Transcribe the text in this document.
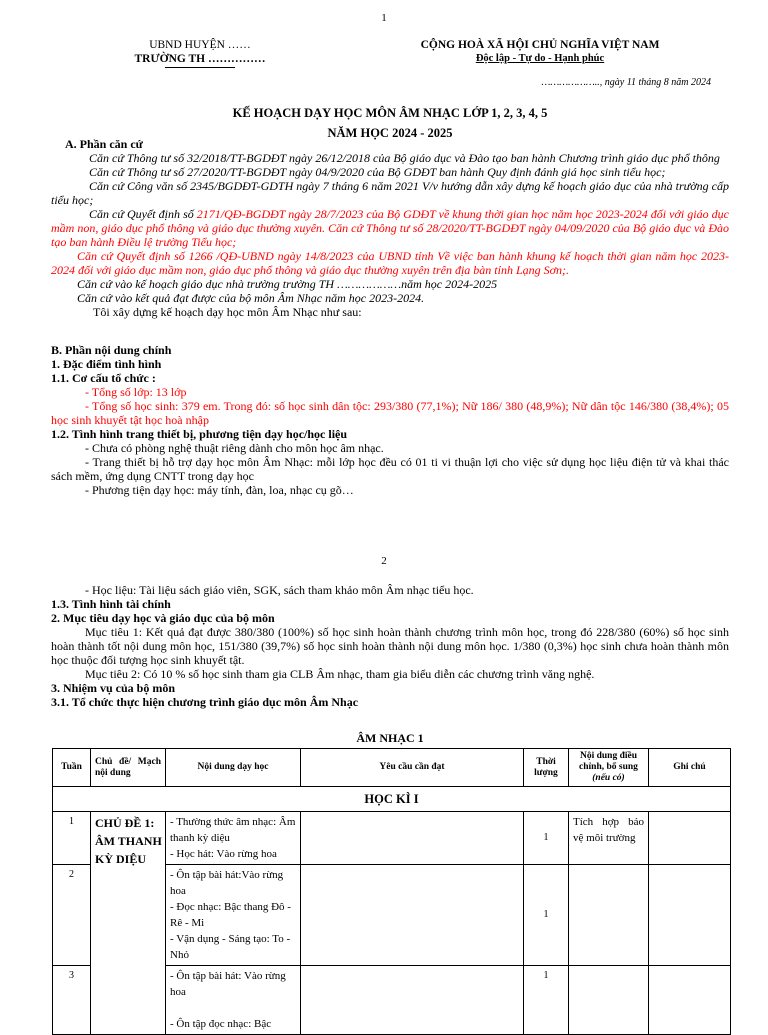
1
UBND HUYỆN ……
TRƯỜNG TH ……………
CỘNG HOÀ XÃ HỘI CHỦ NGHĨA VIỆT NAM
Độc lập - Tự do - Hạnh phúc
……………….., ngày 11 tháng 8 năm 2024
KẾ HOẠCH DẠY HỌC MÔN ÂM NHẠC LỚP 1, 2, 3, 4, 5
NĂM HỌC 2024 - 2025
A. Phần căn cứ
Căn cứ Thông tư số 32/2018/TT-BGDĐT ngày 26/12/2018 của Bộ giáo dục và Đào tạo ban hành Chương trình giáo dục phổ thông
Căn cứ Thông tư số 27/2020/TT-BGDĐT ngày 04/9/2020 của Bộ GDĐT ban hành Quy định đánh giá học sinh tiểu học;
Căn cứ Công văn số 2345/BGDĐT-GDTH ngày 7 tháng 6 năm 2021 V/v hướng dẫn xây dựng kế hoạch giáo dục của nhà trường cấp tiểu học;
Căn cứ Quyết định số 2171/QĐ-BGDĐT ngày 28/7/2023 của Bộ GDĐT về khung thời gian học năm học 2023-2024 đối với giáo dục mầm non, giáo dục phổ thông và giáo dục thường xuyên. Căn cứ Thông tư số 28/2020/TT-BGDĐT ngày 04/09/2020 của Bộ giáo dục và Đào tạo ban hành Điều lệ trường Tiểu học;
Căn cứ Quyết định số 1266 /QĐ-UBND ngày 14/8/2023 của UBND tỉnh Về việc ban hành khung kế hoạch thời gian năm học 2023- 2024 đối với giáo dục mầm non, giáo dục phổ thông và giáo dục thường xuyên trên địa bàn tỉnh Lạng Sơn;.
Căn cứ vào kế hoạch giáo dục nhà trường trường TH ………………năm học 2024-2025
Căn cứ vào kết quả đạt được của bộ môn Âm Nhạc năm học 2023-2024.
Tôi xây dựng kế hoạch dạy học môn Âm Nhạc như sau:
B. Phần nội dung chính
1. Đặc điểm tình hình
1.1. Cơ cấu tổ chức :
- Tổng số lớp: 13 lớp
- Tổng số học sinh: 379 em. Trong đó: số học sinh dân tộc: 293/380 (77,1%); Nữ 186/ 380 (48,9%); Nữ dân tộc 146/380 (38,4%); 05 học sinh khuyết tật học hoà nhập
1.2. Tình hình trang thiết bị, phương tiện dạy học/học liệu
- Chưa có phòng nghệ thuật riêng dành cho môn học âm nhạc.
- Trang thiết bị hỗ trợ dạy học môn Âm Nhạc: mỗi lớp học đều có 01 ti vi thuận lợi cho việc sử dụng học liệu điện tử và khai thác sách mềm, ứng dụng CNTT trong dạy học
- Phương tiện dạy học: máy tính, đàn, loa, nhạc cụ gõ…
2
- Học liệu: Tài liệu sách giáo viên, SGK, sách tham khảo môn Âm nhạc tiểu học.
1.3. Tình hình tài chính
2. Mục tiêu dạy học và giáo dục của bộ môn
Mục tiêu 1: Kết quả đạt được 380/380 (100%) số học sinh hoàn thành chương trình môn học, trong đó 228/380 (60%) số học sinh hoàn thành tốt nội dung môn học, 151/380 (39,7%) số học sinh hoàn thành nội dung môn học. 1/380 (0,3%) học sinh chưa hoàn thành môn học thuộc đối tượng học sinh khuyết tật.
Mục tiêu 2: Có 10 % số học sinh tham gia CLB Âm nhạc, tham gia biểu diễn các chương trình văng nghệ.
3. Nhiệm vụ của bộ môn
3.1. Tổ chức thực hiện chương trình giáo dục môn Âm Nhạc
ÂM NHẠC 1
Tuần	Chủ đề/ Mạch nội dung	Nội dung dạy học	Yêu cầu cần đạt	Thời lượng	Nội dung điều chỉnh, bổ sung (nếu có)	Ghi chú
HỌC KÌ I						
1	CHỦ ĐỀ 1: ÂM THANH KỲ DIỆU	- Thường thức âm nhạc: Âm thanh kỳ diệu
- Học hát: Vào rừng hoa		1	Tích hợp bảo vệ môi trường	
2		- Ôn tập bài hát:Vào rừng hoa
- Đọc nhạc: Bậc thang Đô - Rê - Mi
- Vận dụng - Sáng tạo: To - Nhỏ		1		
3		- Ôn tập bài hát: Vào rừng hoa
- Ôn tập đọc nhạc: Bậc		1		
